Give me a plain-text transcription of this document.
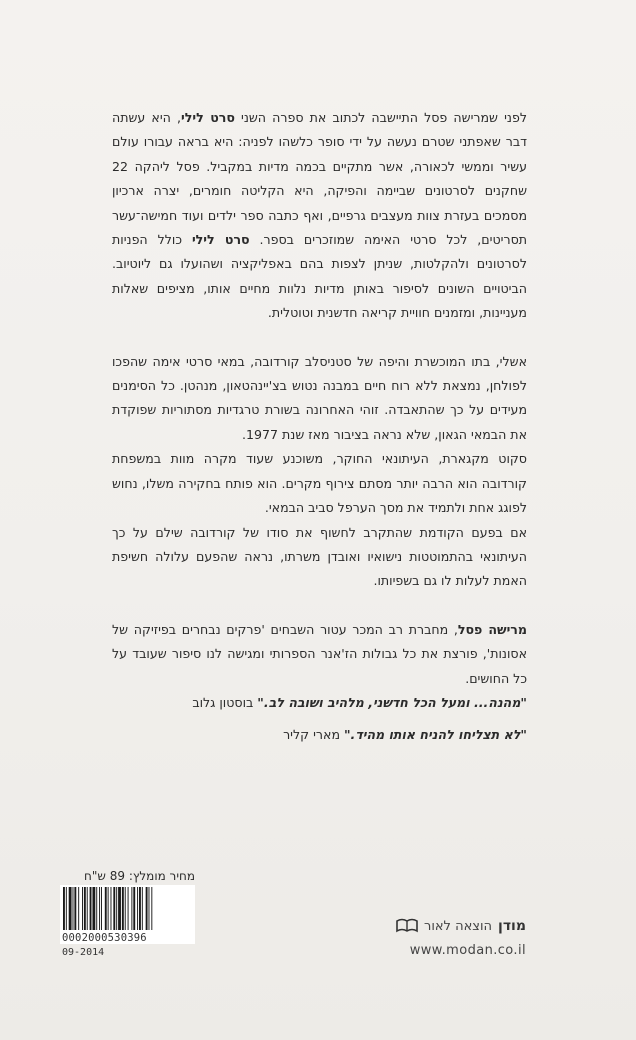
לפני שמרישה פסל התיישבה לכתוב את ספרה השני סרט לילי, היא עשתה דבר שאפתני שטרם נעשה על ידי סופר כלשהו לפניה: היא בראה עבורו עולם עשיר וממשי לכאורה, אשר מתקיים בכמה מדיות במקביל. פסל ליהקה 22 שחקנים לסרטונים שביימה והפיקה, היא הקליטה חומרים, יצרה ארכיון מסמכים בעזרת צוות מעצבים גרפיים, ואף כתבה ספר ילדים ועוד חמישה־עשר תסריטים, לכל סרטי האימה שמוזכרים בספר. סרט לילי כולל הפניות לסרטונים ולהקלטות, שניתן לצפות בהם באפליקציה ושהועלו גם ליוטיוב. הביטויים השונים לסיפור באותן מדיות נלוות מחיים אותו, מציפים שאלות מעניינות, ומזמנים חוויית קריאה חדשנית וטוטלית.

אשלי, בתו המוכשרת והיפה של סטניסלב קורדובה, במאי סרטי אימה שהפכו לפולחן, נמצאת ללא רוח חיים במבנה נטוש בצ'יינהטאון, מנהטן. כל הסימנים מעידים על כך שהתאבדה. זוהי האחרונה בשורת טרגדיות מסתוריות שפוקדת את הבמאי הגאון, שלא נראה בציבור מאז שנת 1977.

סקוט מקגארת, העיתונאי החוקר, משוכנע שעוד מקרה מוות במשפחת קורדובה הוא הרבה יותר מסתם צירוף מקרים. הוא פותח בחקירה משלו, נחוש לפוגג אחת ולתמיד את מסך הערפל סביב הבמאי.

אם בפעם הקודמת שהתקרב לחשוף את סודו של קורדובה שילם על כך העיתונאי בהתמוטטות נישואיו ואובדן משרתו, נראה שהפעם עלולה חשיפת האמת לעלות לו גם בשפיותו.

מרישה פסל, מחברת רב המכר עטור השבחים 'פרקים נבחרים בפיזיקה של אסונות', פורצת את כל גבולות הז'אנר הספרותי ומגישה לנו סיפור שעובד על כל החושים.

"מהנה... ומעל הכל חדשני, מלהיב ושובה לב." בוסטון גלוב

"לא תצליחו להניח אותו מהיד." מארי קליר

מחיר מומלץ: 89 ש"ח
0002000530396
09-2014
מודן
הוצאה לאור
www.modan.co.il
